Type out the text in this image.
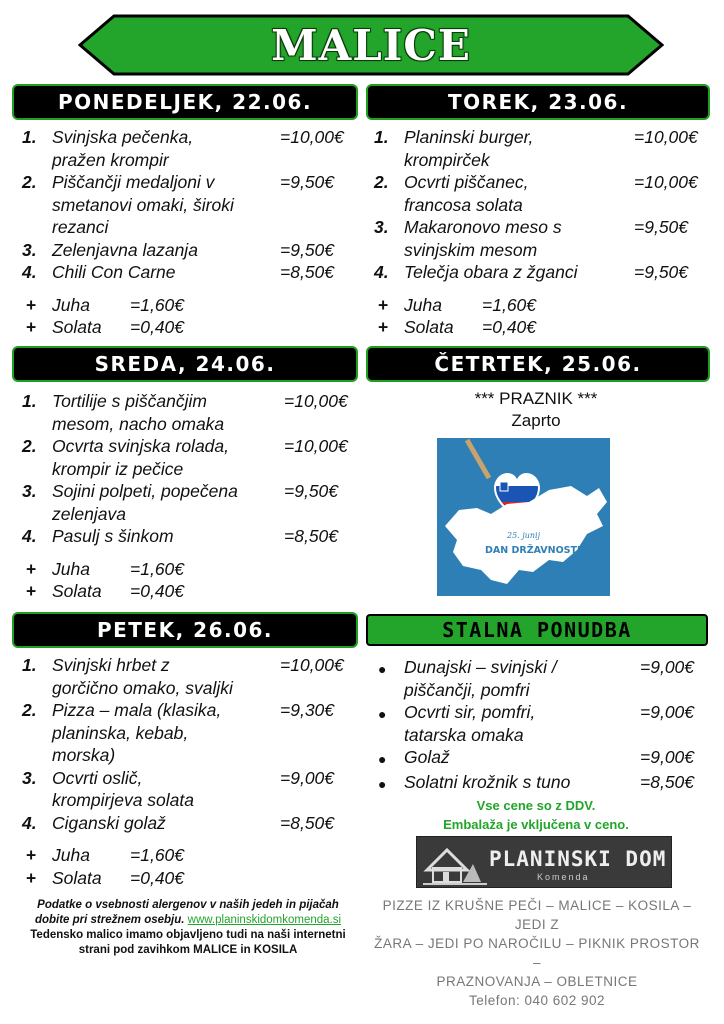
MALICE
PONEDELJEK, 22.06.
1. Svinjska pečenka,
pražen krompir
=10,00€
2. Piščančji medaljoni v
smetanovi omaki, široki
rezanci
=9,50€
3. Zelenjavna lazanja	=9,50€
4. Chili Con Carne	=8,50€
+ Juha	=1,60€
+ Solata	=0,40€
TOREK, 23.06.
1. Planinski burger,
krompirček
=10,00€
2. Ocvrti piščanec,
francosa solata
=10,00€
3. Makaronovo meso s
svinjskim mesom
=9,50€
4. Telečja obara z žganci	=9,50€
+ Juha	=1,60€
+ Solata	=0,40€
SREDA, 24.06.
1. Tortilije s piščančjim
mesom, nacho omaka
=10,00€
2. Ocvrta svinjska rolada,
krompir iz pečice
=10,00€
3. Sojini polpeti, popečena
zelenjava
=9,50€
4. Pasulj s šinkom	=8,50€
+ Juha	=1,60€
+ Solata	=0,40€
ČETRTEK, 25.06.
*** PRAZNIK ***
Zaprto
25. junij
DAN DRŽAVNOSTI
PETEK, 26.06.
1. Svinjski hrbet z
gorčično omako, svaljki
=10,00€
2. Pizza – mala (klasika,
planinska, kebab,
morska)
=9,30€
3. Ocvrti oslič,
krompirjeva solata
=9,00€
4. Ciganski golaž	=8,50€
+ Juha	=1,60€
+ Solata	=0,40€
STALNA PONUDBA
●	Dunajski – svinjski /
piščančji, pomfri
=9,00€
●	Ocvrti sir, pomfri,
tatarska omaka
=9,00€
●	Golaž	=9,00€
●	Solatni krožnik s tuno	=8,50€
Vse cene so z DDV.
Embalaža je vključena v ceno.
PLANINSKI DOM
Komenda
PIZZE IZ KRUŠNE PEČI – MALICE – KOSILA – JEDI Z
ŽARA – JEDI PO NAROČILU – PIKNIK PROSTOR –
PRAZNOVANJA – OBLETNICE
Telefon: 040 602 902
Podatke o vsebnosti alergenov v naših jedeh in pijačah
dobite pri strežnem osebju. www.planinskidomkomenda.si
Tedensko malico imamo objavljeno tudi na naši internetni
strani pod zavihkom MALICE in KOSILA
